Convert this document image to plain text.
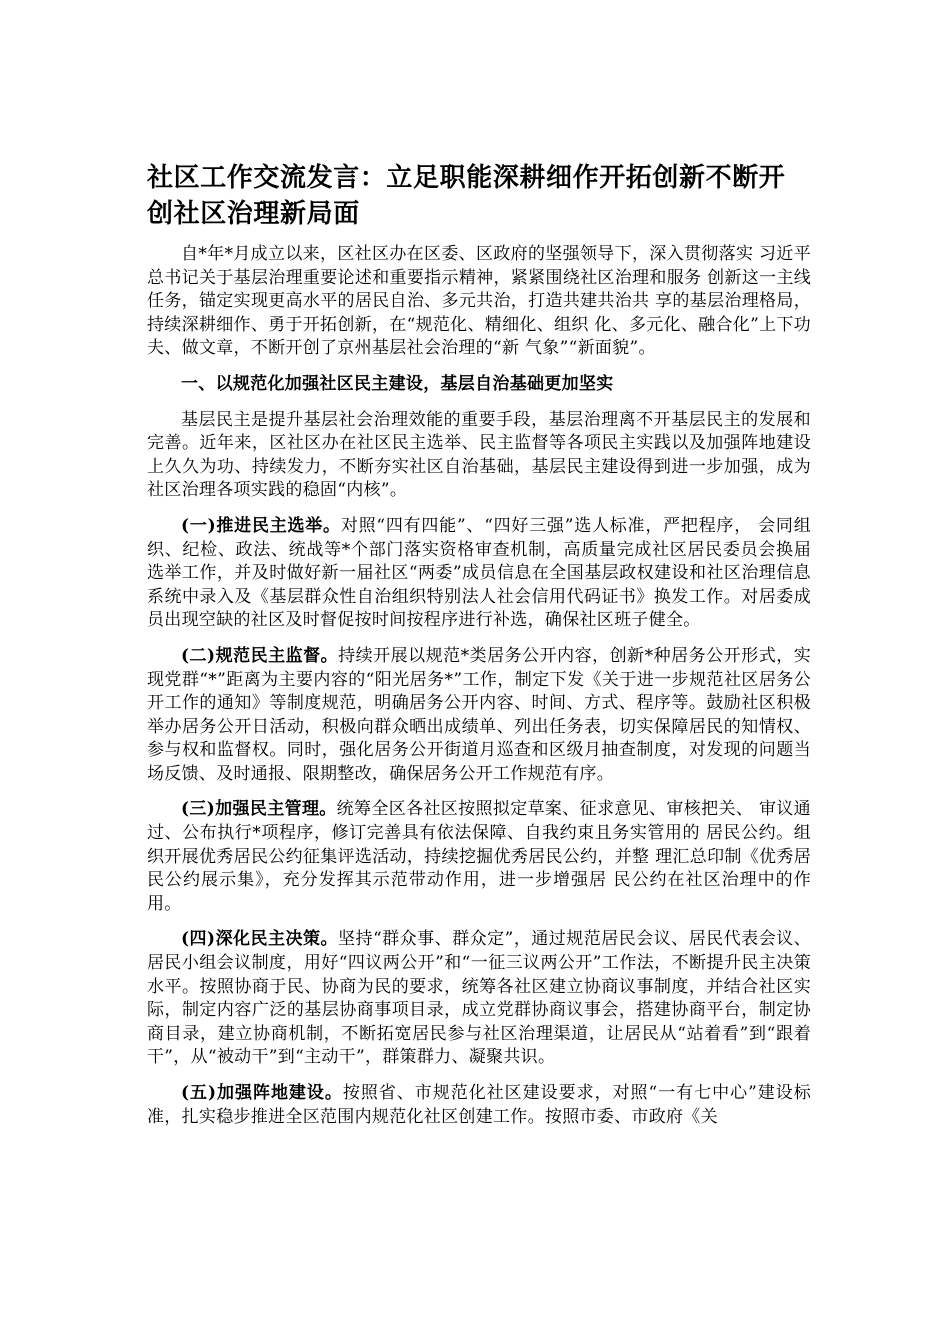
社区工作交流发言：立足职能深耕细作开拓创新不断开创社区治理新局面

自*年*月成立以来，区社区办在区委、区政府的坚强领导下，深入贯彻落实 习近平总书记关于基层治理重要论述和重要指示精神，紧紧围绕社区治理和服务 创新这一主线任务，锚定实现更高水平的居民自治、多元共治，打造共建共治共 享的基层治理格局，持续深耕细作、勇于开拓创新，在“规范化、精细化、组织 化、多元化、融合化”上下功夫、做文章，不断开创了京州基层社会治理的“新 气象”“新面貌”。

一、以规范化加强社区民主建设，基层自治基础更加坚实

基层民主是提升基层社会治理效能的重要手段，基层治理离不开基层民主的发展和完善。近年来，区社区办在社区民主选举、民主监督等各项民主实践以及加强阵地建设上久久为功、持续发力，不断夯实社区自治基础，基层民主建设得到进一步加强，成为社区治理各项实践的稳固“内核”。

(一)推进民主选举。对照“四有四能”、“四好三强”选人标准，严把程序， 会同组织、纪检、政法、统战等*个部门落实资格审查机制，高质量完成社区居民委员会换届选举工作，并及时做好新一届社区“两委”成员信息在全国基层政权建设和社区治理信息系统中录入及《基层群众性自治组织特别法人社会信用代码证书》换发工作。对居委成员出现空缺的社区及时督促按时间按程序进行补选，确保社区班子健全。

(二)规范民主监督。持续开展以规范*类居务公开内容，创新*种居务公开形式，实现党群“*”距离为主要内容的“阳光居务*”工作，制定下发《关于进一步规范社区居务公开工作的通知》等制度规范，明确居务公开内容、时间、方式、程序等。鼓励社区积极举办居务公开日活动，积极向群众晒出成绩单、列出任务表，切实保障居民的知情权、参与权和监督权。同时，强化居务公开街道月巡查和区级月抽查制度，对发现的问题当场反馈、及时通报、限期整改，确保居务公开工作规范有序。

(三)加强民主管理。统筹全区各社区按照拟定草案、征求意见、审核把关、 审议通过、公布执行*项程序，修订完善具有依法保障、自我约束且务实管用的 居民公约。组织开展优秀居民公约征集评选活动，持续挖掘优秀居民公约，并整 理汇总印制《优秀居民公约展示集》，充分发挥其示范带动作用，进一步增强居 民公约在社区治理中的作用。

(四)深化民主决策。坚持“群众事、群众定”，通过规范居民会议、居民代表会议、居民小组会议制度，用好“四议两公开”和“一征三议两公开”工作法，不断提升民主决策水平。按照协商于民、协商为民的要求，统筹各社区建立协商议事制度，并结合社区实际，制定内容广泛的基层协商事项目录，成立党群协商议事会，搭建协商平台，制定协商目录，建立协商机制，不断拓宽居民参与社区治理渠道，让居民从“站着看”到“跟着干”，从“被动干”到“主动干”，群策群力、凝聚共识。

(五)加强阵地建设。按照省、市规范化社区建设要求，对照“一有七中心”建设标准，扎实稳步推进全区范围内规范化社区创建工作。按照市委、市政府《关
